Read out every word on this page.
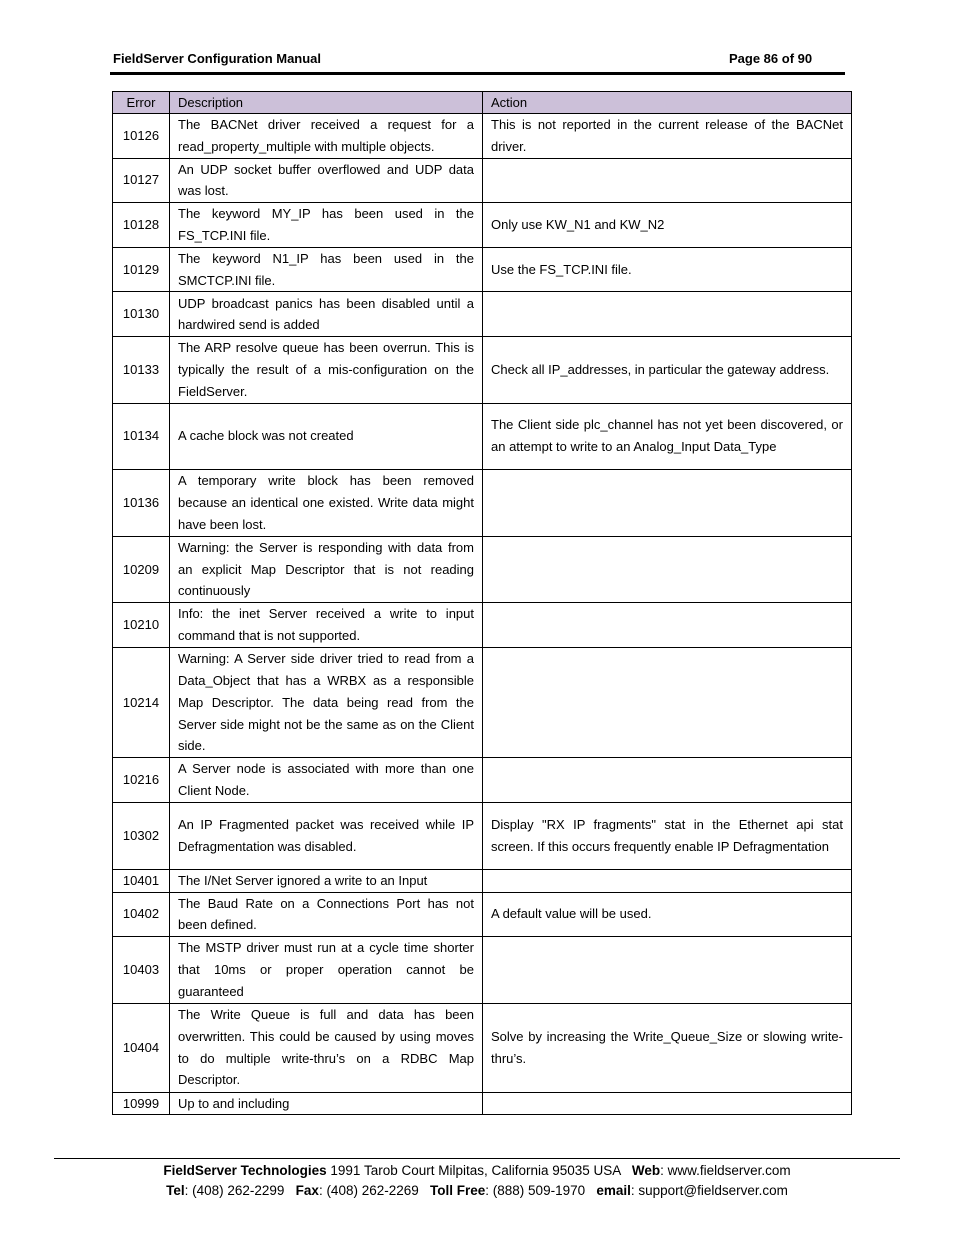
FieldServer Configuration Manual	Page 86 of 90
Error	Description	Action
10126	The BACNet driver received a request for a read_property_multiple with multiple objects.	This is not reported in the current release of the BACNet driver.
10127	An UDP socket buffer overflowed and UDP data was lost.	
10128	The keyword MY_IP has been used in the FS_TCP.INI file.	Only use KW_N1 and KW_N2
10129	The keyword N1_IP has been used in the SMCTCP.INI file.	Use the FS_TCP.INI file.
10130	UDP broadcast panics has been disabled until a hardwired send is added	
10133	The ARP resolve queue has been overrun. This is typically the result of a mis-configuration on the FieldServer.	Check all IP_addresses, in particular the gateway address.
10134	A cache block was not created	The Client side plc_channel has not yet been discovered, or an attempt to write to an Analog_Input Data_Type
10136	A temporary write block has been removed because an identical one existed. Write data might have been lost.	
10209	Warning: the Server is responding with data from an explicit Map Descriptor that is not reading continuously	
10210	Info: the inet Server received a write to input command that is not supported.	
10214	Warning: A Server side driver tried to read from a Data_Object that has a WRBX as a responsible Map Descriptor. The data being read from the Server side might not be the same as on the Client side.	
10216	A Server node is associated with more than one Client Node.	
10302	An IP Fragmented packet was received while IP Defragmentation was disabled.	Display "RX IP fragments" stat in the Ethernet api stat screen. If this occurs frequently enable IP Defragmentation
10401	The I/Net Server ignored a write to an Input	
10402	The Baud Rate on a Connections Port has not been defined.	A default value will be used.
10403	The MSTP driver must run at a cycle time shorter that 10ms or proper operation cannot be guaranteed	
10404	The Write Queue is full and data has been overwritten. This could be caused by using moves to do multiple write-thru’s on a RDBC Map Descriptor.	Solve by increasing the Write_Queue_Size or slowing write-thru’s.
10999	Up to and including	
FieldServer Technologies 1991 Tarob Court Milpitas, California 95035 USA   Web: www.fieldserver.com
Tel: (408) 262-2299   Fax: (408) 262-2269   Toll Free: (888) 509-1970   email: support@fieldserver.com
